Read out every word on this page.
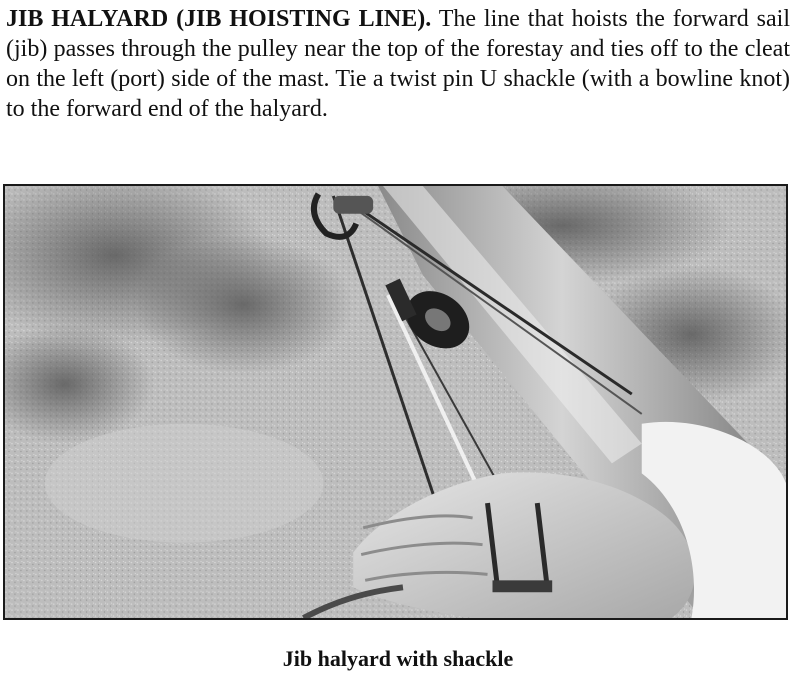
JIB HALYARD (JIB HOISTING LINE). The line that hoists the forward sail (jib) passes through the pulley near the top of the forestay and ties off to the cleat on the left (port) side of the mast. Tie a twist pin U shackle (with a bowline knot) to the forward end of the halyard.

Jib halyard with shackle
